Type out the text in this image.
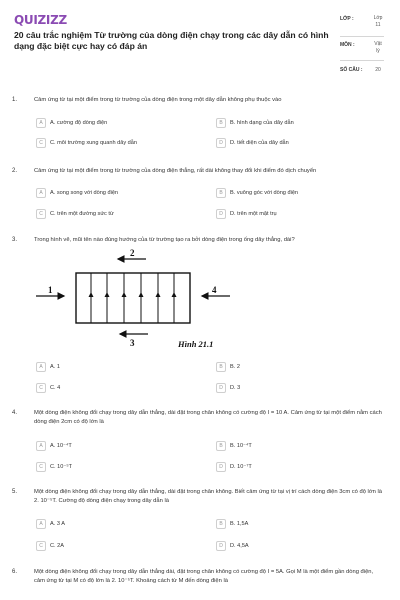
QUIZIZZ
20 câu trắc nghiệm Từ trường của dòng điện chạy trong các dây dẫn có hình dạng đặc biệt cực hay có đáp án
LỚP :	Lớp 11
MÔN :	Vật lý
SỐ CÂU :	20
1.	Cảm ứng từ tại một điểm trong từ trường của dòng điện trong một dây dẫn không phụ thuộc vào
A	A. cường độ dòng điện	B	B. hình dạng của dây dẫn
C	C. môi trường xung quanh dây dẫn	D	D. tiết diện của dây dẫn
2.	Cảm ứng từ tại một điểm trong từ trường của dòng điện thẳng, rất dài không thay đổi khi điểm đó dịch chuyển
A	A. song song với dòng điện	B	B. vuông góc với dòng điện
C	C. trên một đường sức từ	D	D. trên một mặt trụ
3.	Trong hình vẽ, mũi tên nào đúng hướng của từ trường tạo ra bởi dòng điện trong ống dây thẳng, dài?
2
1	4
3	Hình 21.1
A	A. 1	B	B. 2
C	C. 4	D	D. 3
4.	Một dòng điện không đổi chạy trong dây dẫn thẳng, dài đặt trong chân không có cường độ I = 10 A. Cảm ứng từ tại một điểm nằm cách dòng điện 2cm có độ lớn là
A	A. 10⁻⁴T	B	B. 10⁻⁴T
C	C. 10⁻⁵T	D	D. 10⁻⁷T
5.	Một dòng điện không đổi chạy trong dây dẫn thẳng, dài đặt trong chân không. Biết cảm ứng từ tại vị trí cách dòng điện 3cm có độ lớn là 2. 10⁻⁵T. Cường độ dòng điện chạy trong dây dẫn là
A	A. 3 A	B	B. 1,5A
C	C. 2A	D	D. 4,5A
6.	Một dòng điện không đổi chạy trong dây dẫn thẳng dài, đặt trong chân không có cường độ I = 5A. Gọi M là một điểm gần dòng điện, cảm ứng từ tại M có độ lớn là 2. 10⁻⁵T. Khoảng cách từ M đến dòng điện là
